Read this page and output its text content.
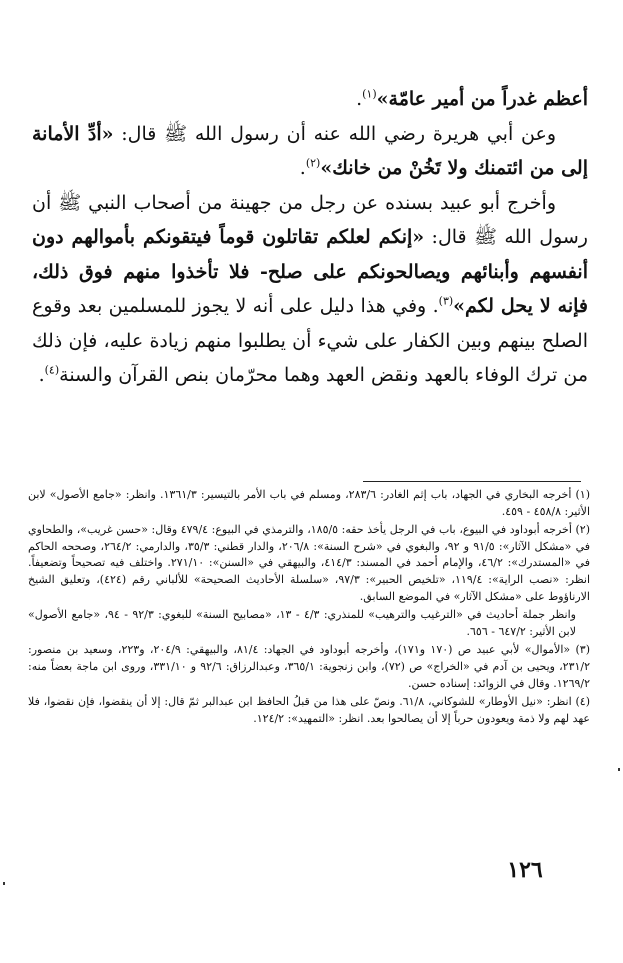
أعظم غدراً من أمير عامّة»$^{(١)}$.

وعن أبي هريرة رضي الله عنه أن رسول الله ﷺ قال: «أدِّ الأمانة إلى من ائتمنك ولا تَخُنْ من خانك»$^{(٢)}$.

وأخرج أبو عبيد بسنده عن رجل من جهينة من أصحاب النبي ﷺ أن رسول الله ﷺ قال: «إنكم لعلكم تقاتلون قوماً فيتقونكم بأموالهم دون أنفسهم وأبنائهم ويصالحونكم على صلح- فلا تأخذوا منهم فوق ذلك، فإنه لا يحل لكم»$^{(٣)}$. وفي هذا دليل على أنه لا يجوز للمسلمين بعد وقوع الصلح بينهم وبين الكفار على شيء أن يطلبوا منهم زيادة عليه، فإن ذلك من ترك الوفاء بالعهد ونقض العهد وهما محرّمان بنص القرآن والسنة$^{(٤)}$.

(١) أخرجه البخاري في الجهاد، باب إثم الغادر: ٢٨٣/٦، ومسلم في باب الأمر بالتيسير: ١٣٦١/٣. وانظر: «جامع الأصول» لابن الأثير: ٤٥٨/٨ - ٤٥٩.

(٢) أخرجه أبوداود في البيوع، باب في الرجل يأخذ حقه: ١٨٥/٥، والترمذي في البيوع: ٤٧٩/٤ وقال: «حسن غريب»، والطحاوي في «مشكل الآثار»: ٩١/٥ و ٩٢، والبغوي في «شرح السنة»: ٢٠٦/٨، والدار قطني: ٣٥/٣، والدارمي: ٢٦٤/٢، وصححه الحاكم في «المستدرك»: ٤٦/٢، والإمام أحمد في المسند: ٤١٤/٣، والبيهقي في «السنن»: ٢٧١/١٠. واختلف فيه تصحيحاً وتضعيفاً. انظر: «نصب الراية»: ١١٩/٤، «تلخيص الحبير»: ٩٧/٣، «سلسلة الأحاديث الصحيحة» للألباني رقم (٤٢٤)، وتعليق الشيخ الارناؤوط على «مشكل الآثار» في الموضع السابق.

وانظر جملة أحاديث في «الترغيب والترهيب» للمنذري: ٤/٣ - ١٣، «مصابيح السنة» للبغوي: ٩٢/٣ - ٩٤، «جامع الأصول» لابن الأثير: ٦٤٧/٢ - ٦٥٦.

(٣) «الأموال» لأبي عبيد ص (١٧٠ و١٧١)، وأخرجه أبوداود في الجهاد: ٨١/٤، والبيهقي: ٢٠٤/٩، و٢٢٣، وسعيد بن منصور: ٢٣١/٢، ويحيى بن آدم في «الخراج» ص (٧٢)، وابن زنجوية: ٣٦٥/١، وعبدالرزاق: ٩٢/٦ و ٣٣١/١٠، وروى ابن ماجة بعضاً منه: ١٢٦٩/٢. وقال في الزوائد: إسناده حسن.

(٤) انظر: «نيل الأوطار» للشوكاني، ٦١/٨. ونصّ على هذا من قبلُ الحافظ ابن عبدالبر ثمّ قال: إلا أن ينقضوا، فإن نقضوا، فلا عهد لهم ولا ذمة ويعودون حرباً إلا أن يصالحوا بعد. انظر: «التمهيد»: ١٢٤/٢.

١٢٦
